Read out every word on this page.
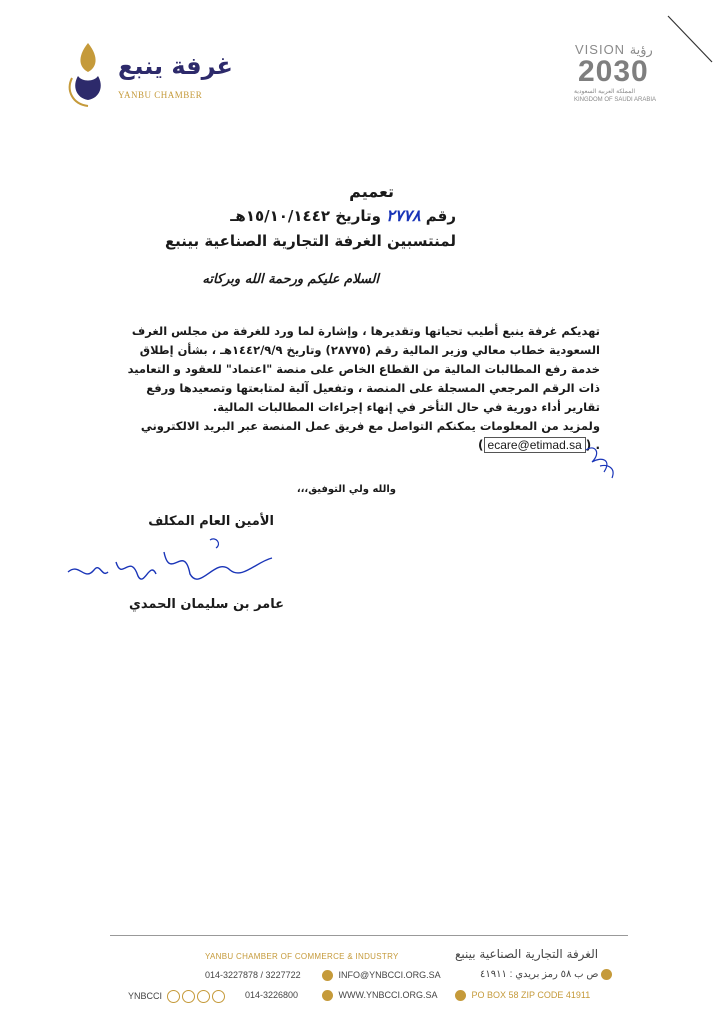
غرفة ينبع
YANBU CHAMBER
VISION رؤية
2030
المملكة العربية السعودية
KINGDOM OF SAUDI ARABIA
تعميم
رقم ٢٧٧٨ وتاريخ ١٥/١٠/١٤٤٢هـ
لمنتسبين الغرفة التجارية الصناعية بينبع
السلام عليكم ورحمة الله وبركاته
تهديكم غرفة ينبع أطيب تحياتها وتقديرها ، وإشارة لما ورد للغرفة من مجلس الغرف السعودية خطاب معالي وزير المالية رقم (٢٨٧٧٥) وتاريخ ١٤٤٢/٩/٩هـ ، بشأن إطلاق خدمة رفع المطالبات المالية من القطاع الخاص على منصة "اعتماد" للعقود و التعاميد ذات الرقم المرجعي المسجلة على المنصة ، وتفعيل آلية لمتابعتها وتصعيدها ورفع تقارير أداء دورية في حال التأخر في إنهاء إجراءات المطالبات المالية.
ولمزيد من المعلومات يمكنكم التواصل مع فريق عمل المنصة عبر البريد الالكتروني
. (ecare@etimad.sa)
والله ولي التوفيق،،،
الأمين العام المكلف
عامر بن سليمان الحمدي
YANBU CHAMBER OF COMMERCE & INDUSTRY	الغرفة التجارية الصناعية بينبع
014-3227878 / 3227722	INFO@YNBCCI.ORG.SA	ص ب ٥٨ رمز بريدي : ٤١٩١١
YNBCCI	014-3226800	WWW.YNBCCI.ORG.SA	PO BOX 58 ZIP CODE 41911
